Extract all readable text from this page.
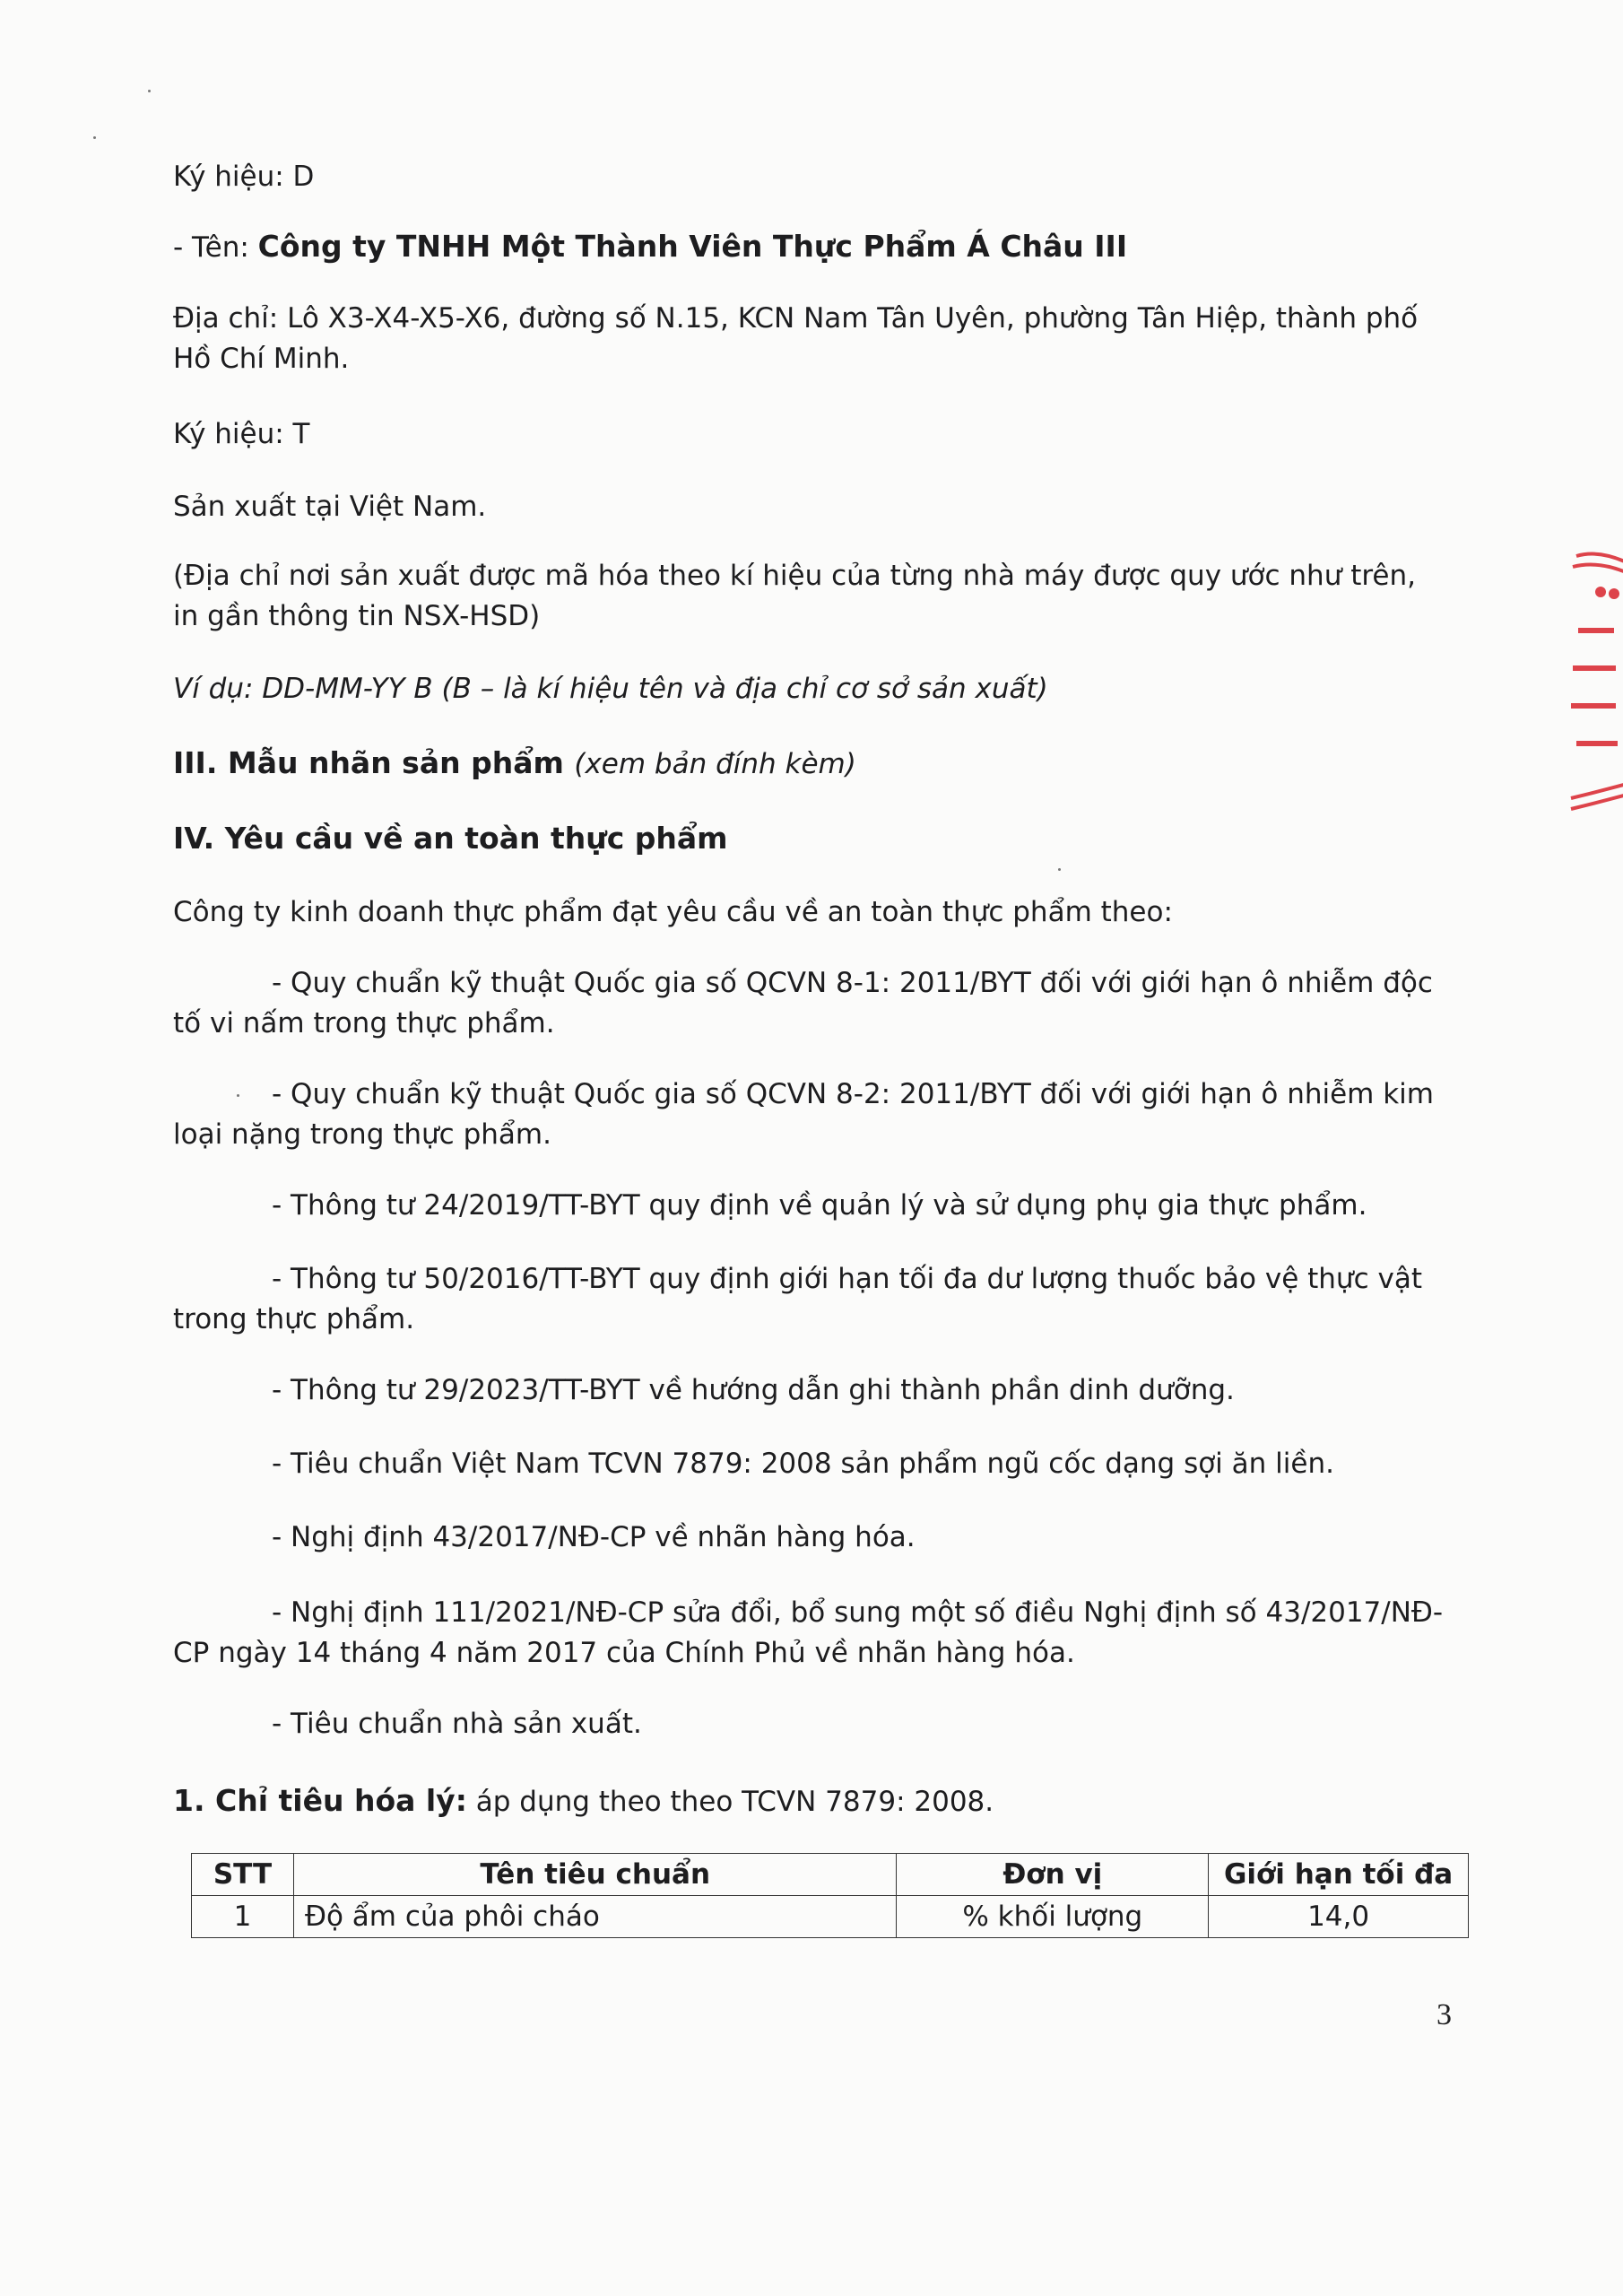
Ký hiệu: D

- Tên: Công ty TNHH Một Thành Viên Thực Phẩm Á Châu III

Địa chỉ: Lô X3-X4-X5-X6, đường số N.15, KCN Nam Tân Uyên, phường Tân Hiệp, thành phố Hồ Chí Minh.

Ký hiệu: T

Sản xuất tại Việt Nam.

(Địa chỉ nơi sản xuất được mã hóa theo kí hiệu của từng nhà máy được quy ước như trên, in gần thông tin NSX-HSD)

Ví dụ: DD-MM-YY B (B – là kí hiệu tên và địa chỉ cơ sở sản xuất)

III. Mẫu nhãn sản phẩm (xem bản đính kèm)

IV. Yêu cầu về an toàn thực phẩm

Công ty kinh doanh thực phẩm đạt yêu cầu về an toàn thực phẩm theo:

- Quy chuẩn kỹ thuật Quốc gia số QCVN 8-1: 2011/BYT đối với giới hạn ô nhiễm độc tố vi nấm trong thực phẩm.

- Quy chuẩn kỹ thuật Quốc gia số QCVN 8-2: 2011/BYT đối với giới hạn ô nhiễm kim loại nặng trong thực phẩm.

- Thông tư 24/2019/TT-BYT quy định về quản lý và sử dụng phụ gia thực phẩm.

- Thông tư 50/2016/TT-BYT quy định giới hạn tối đa dư lượng thuốc bảo vệ thực vật trong thực phẩm.

- Thông tư 29/2023/TT-BYT về hướng dẫn ghi thành phần dinh dưỡng.

- Tiêu chuẩn Việt Nam TCVN 7879: 2008 sản phẩm ngũ cốc dạng sợi ăn liền.

- Nghị định 43/2017/NĐ-CP về nhãn hàng hóa.

- Nghị định 111/2021/NĐ-CP sửa đổi, bổ sung một số điều Nghị định số 43/2017/NĐ-CP ngày 14 tháng 4 năm 2017 của Chính Phủ về nhãn hàng hóa.

- Tiêu chuẩn nhà sản xuất.

1. Chỉ tiêu hóa lý: áp dụng theo theo TCVN 7879: 2008.

STT	Tên tiêu chuẩn	Đơn vị	Giới hạn tối đa
1	Độ ẩm của phôi cháo	% khối lượng	14,0
3
